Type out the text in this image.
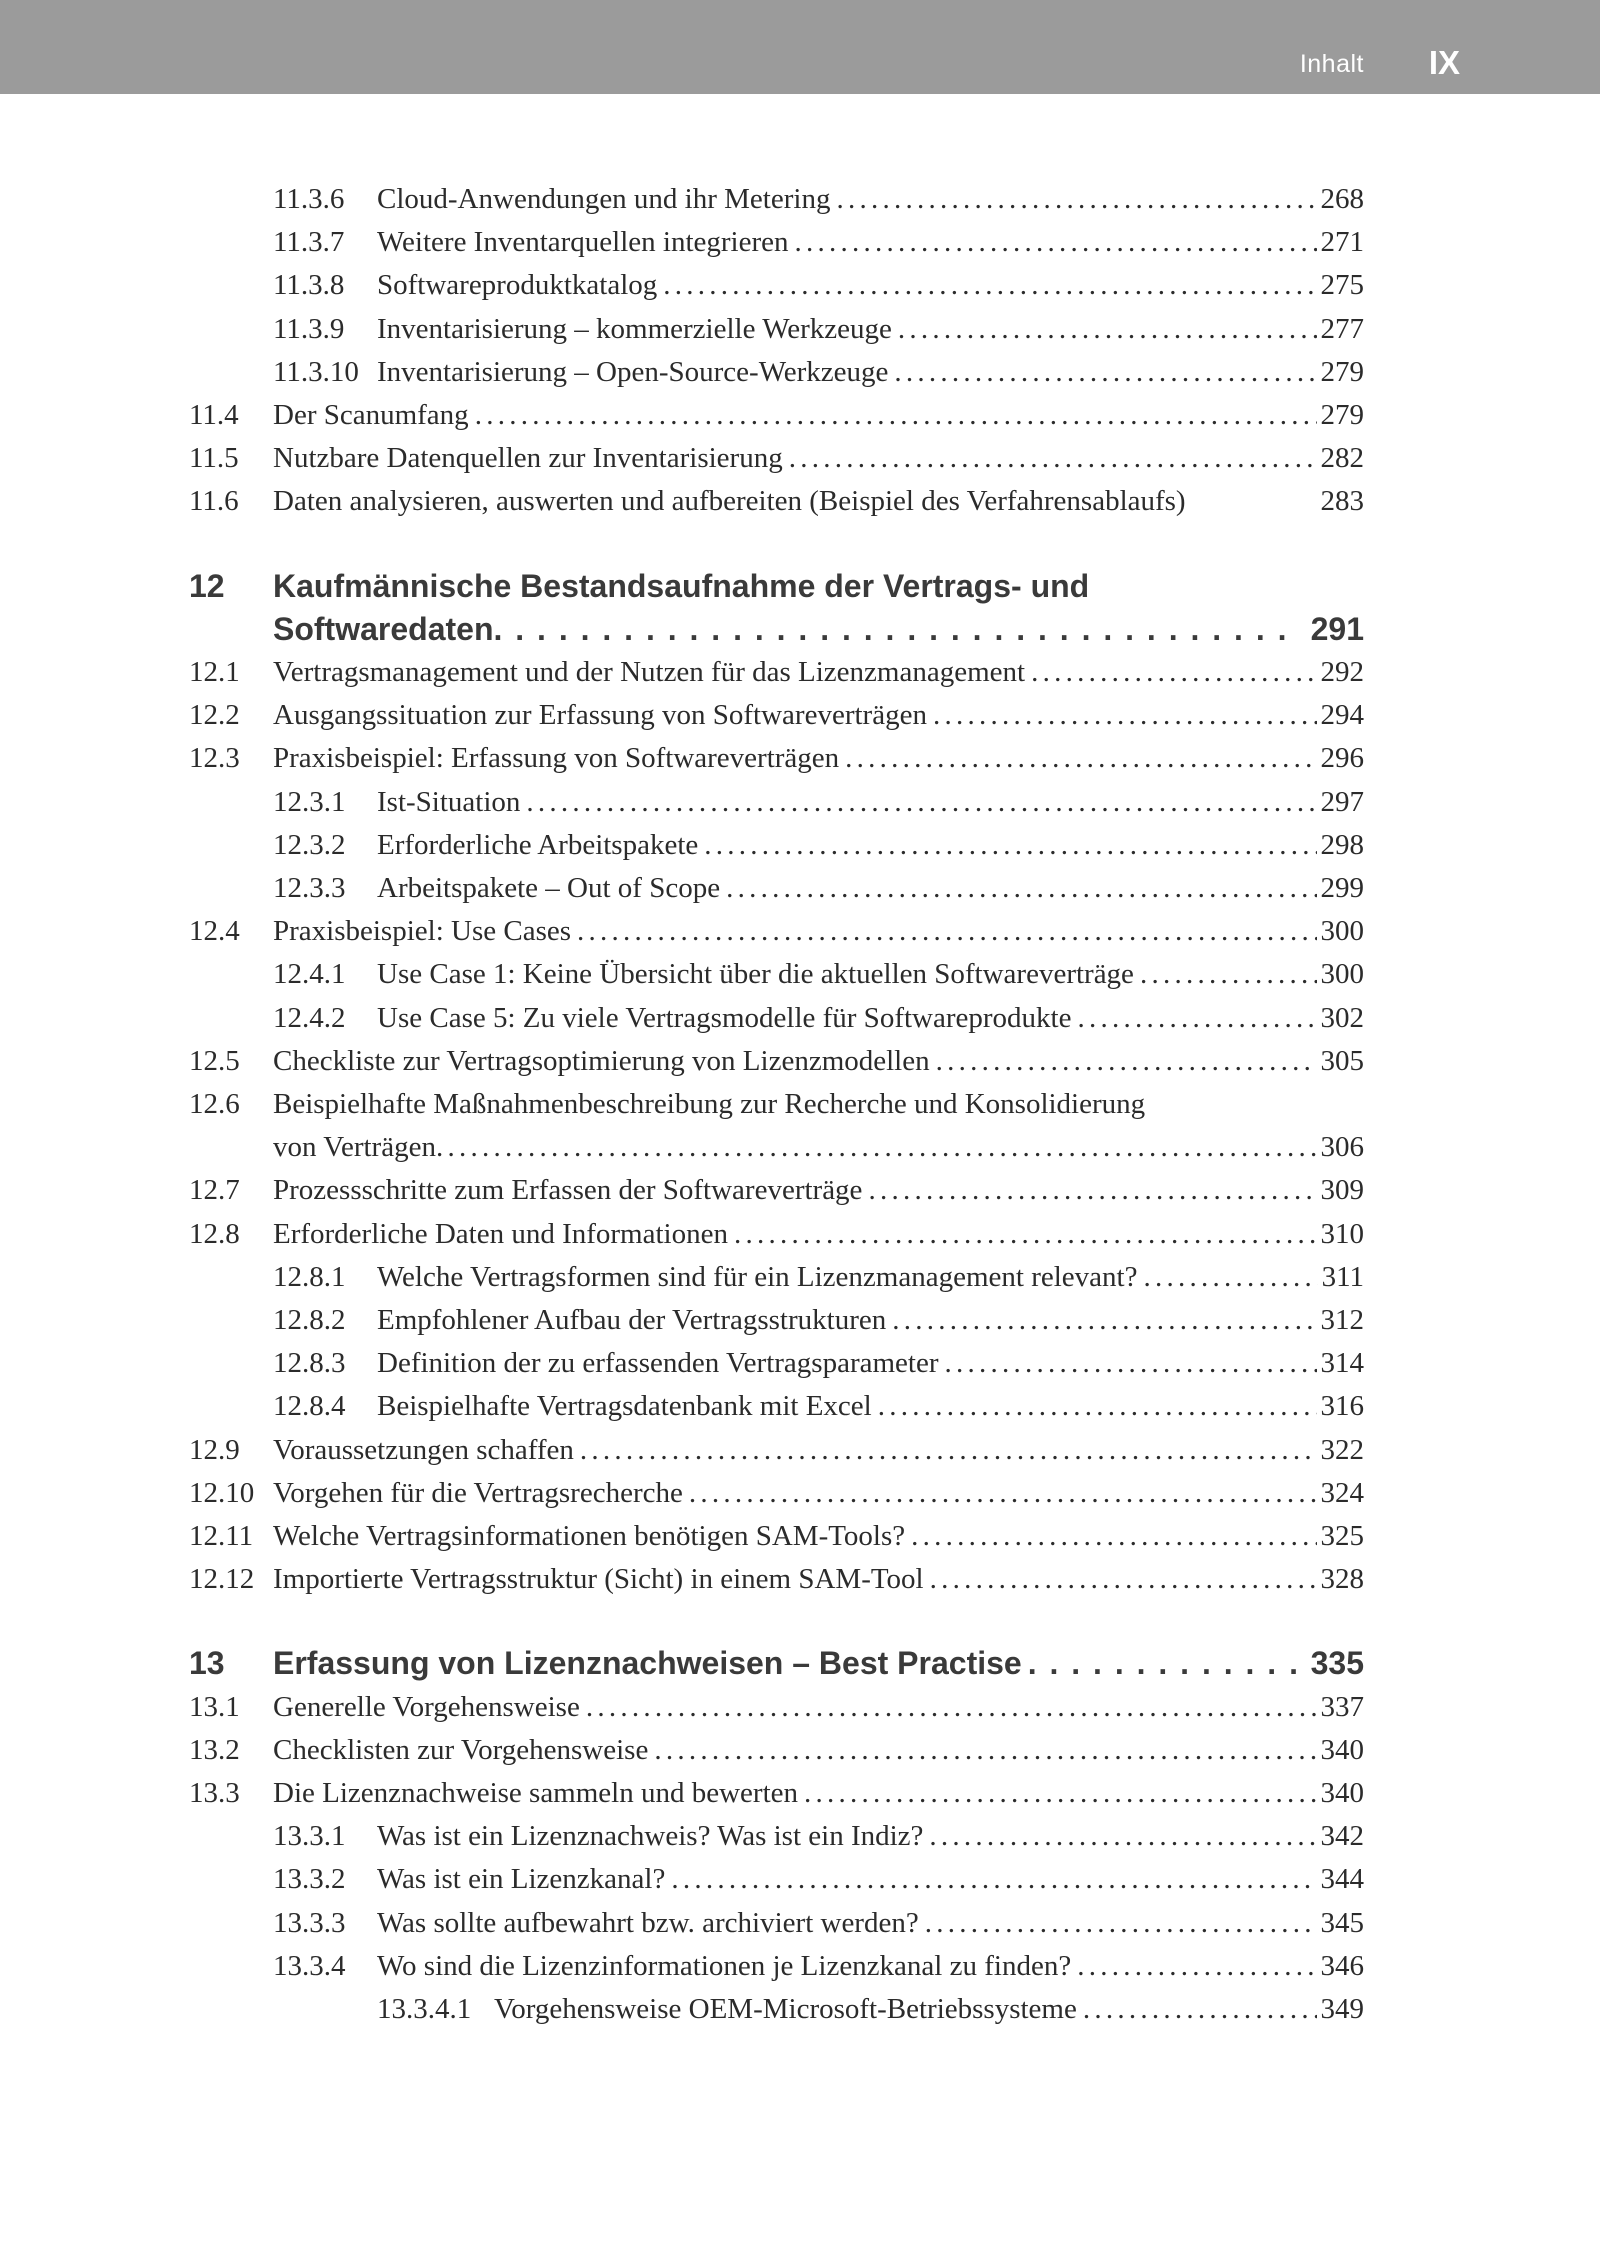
Inhalt IX
11.3.6 Cloud-Anwendungen und ihr Metering . . .	268
11.3.7 Weitere Inventarquellen integrieren . . .	271
11.3.8 Softwareproduktkatalog . . .	275
11.3.9 Inventarisierung – kommerzielle Werkzeuge . . .	277
11.3.10 Inventarisierung – Open-Source-Werkzeuge . . .	279
11.4 Der Scanumfang . . .	279
11.5 Nutzbare Datenquellen zur Inventarisierung . . .	282
11.6 Daten analysieren, auswerten und aufbereiten (Beispiel des Verfahrensablaufs)	283
12 Kaufmännische Bestandsaufnahme der Vertrags- und
Softwaredaten . . .	291
12.1 Vertragsmanagement und der Nutzen für das Lizenzmanagement . . .	292
12.2 Ausgangssituation zur Erfassung von Softwareverträgen . . .	294
12.3 Praxisbeispiel: Erfassung von Softwareverträgen . . .	296
12.3.1 Ist-Situation . . .	297
12.3.2 Erforderliche Arbeitspakete . . .	298
12.3.3 Arbeitspakete – Out of Scope . . .	299
12.4 Praxisbeispiel: Use Cases . . .	300
12.4.1 Use Case 1: Keine Übersicht über die aktuellen Softwareverträge . . .	300
12.4.2 Use Case 5: Zu viele Vertragsmodelle für Softwareprodukte . . .	302
12.5 Checkliste zur Vertragsoptimierung von Lizenzmodellen . . .	305
12.6 Beispielhafte Maßnahmenbeschreibung zur Recherche und Konsolidierung
von Verträgen . . .	306
12.7 Prozessschritte zum Erfassen der Softwareverträge . . .	309
12.8 Erforderliche Daten und Informationen . . .	310
12.8.1 Welche Vertragsformen sind für ein Lizenzmanagement relevant? . . .	311
12.8.2 Empfohlener Aufbau der Vertragsstrukturen . . .	312
12.8.3 Definition der zu erfassenden Vertragsparameter . . .	314
12.8.4 Beispielhafte Vertragsdatenbank mit Excel . . .	316
12.9 Voraussetzungen schaffen . . .	322
12.10 Vorgehen für die Vertragsrecherche . . .	324
12.11 Welche Vertragsinformationen benötigen SAM-Tools? . . .	325
12.12 Importierte Vertragsstruktur (Sicht) in einem SAM-Tool . . .	328
13 Erfassung von Lizenznachweisen – Best Practise . . .	335
13.1 Generelle Vorgehensweise . . .	337
13.2 Checklisten zur Vorgehensweise . . .	340
13.3 Die Lizenznachweise sammeln und bewerten . . .	340
13.3.1 Was ist ein Lizenznachweis? Was ist ein Indiz? . . .	342
13.3.2 Was ist ein Lizenzkanal? . . .	344
13.3.3 Was sollte aufbewahrt bzw. archiviert werden? . . .	345
13.3.4 Wo sind die Lizenzinformationen je Lizenzkanal zu finden? . . .	346
13.3.4.1 Vorgehensweise OEM-Microsoft-Betriebssysteme . . .	349
